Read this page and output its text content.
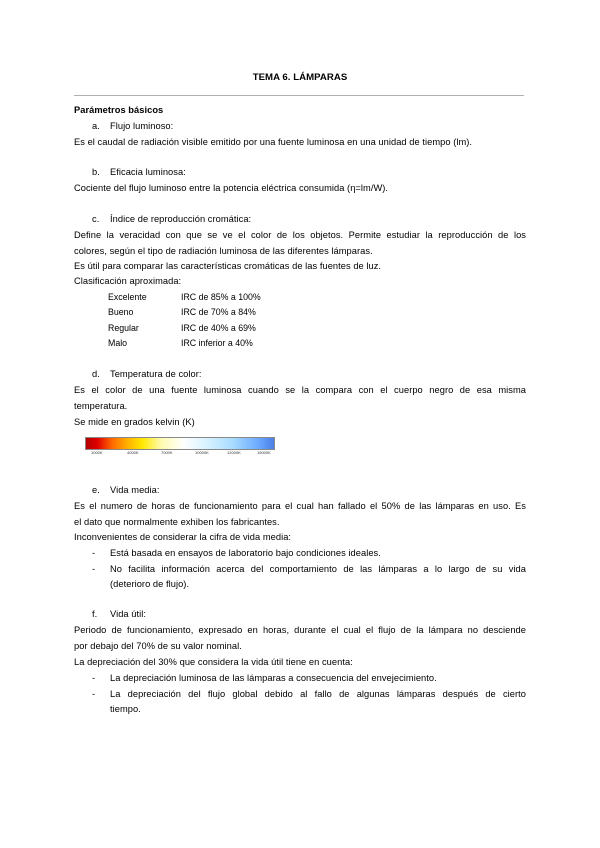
TEMA 6. LÁMPARAS
Parámetros básicos
a. Flujo luminoso:
Es el caudal de radiación visible emitido por una fuente luminosa en una unidad de tiempo (lm).
b. Eficacia luminosa:
Cociente del flujo luminoso entre la potencia eléctrica consumida (η=lm/W).
c. Índice de reproducción cromática:
Define la veracidad con que se ve el color de los objetos. Permite estudiar la reproducción de los
colores, según el tipo de radiación luminosa de las diferentes lámparas.
Es útil para comparar las características cromáticas de las fuentes de luz.
Clasificación aproximada:
Excelente	IRC de 85% a 100%
Bueno	IRC de 70% a 84%
Regular	IRC de 40% a 69%
Malo	IRC inferior a 40%
d. Temperatura de color:
Es el color de una fuente luminosa cuando se la compara con el cuerpo negro de esa misma
temperatura.
Se mide en grados kelvin (K)
1000K	4000K	7000K	10000K	12000K	15000K
e. Vida media:
Es el numero de horas de funcionamiento para el cual han fallado el 50% de las lámparas en uso. Es
el dato que normalmente exhiben los fabricantes.
Inconvenientes de considerar la cifra de vida media:
- Está basada en ensayos de laboratorio bajo condiciones ideales.
- No facilita información acerca del comportamiento de las lámparas a lo largo de su vida
(deterioro de flujo).
f. Vida útil:
Periodo de funcionamiento, expresado en horas, durante el cual el flujo de la lámpara no desciende
por debajo del 70% de su valor nominal.
La depreciación del 30% que considera la vida útil tiene en cuenta:
- La depreciación luminosa de las lámparas a consecuencia del envejecimiento.
- La depreciación del flujo global debido al fallo de algunas lámparas después de cierto
tiempo.
